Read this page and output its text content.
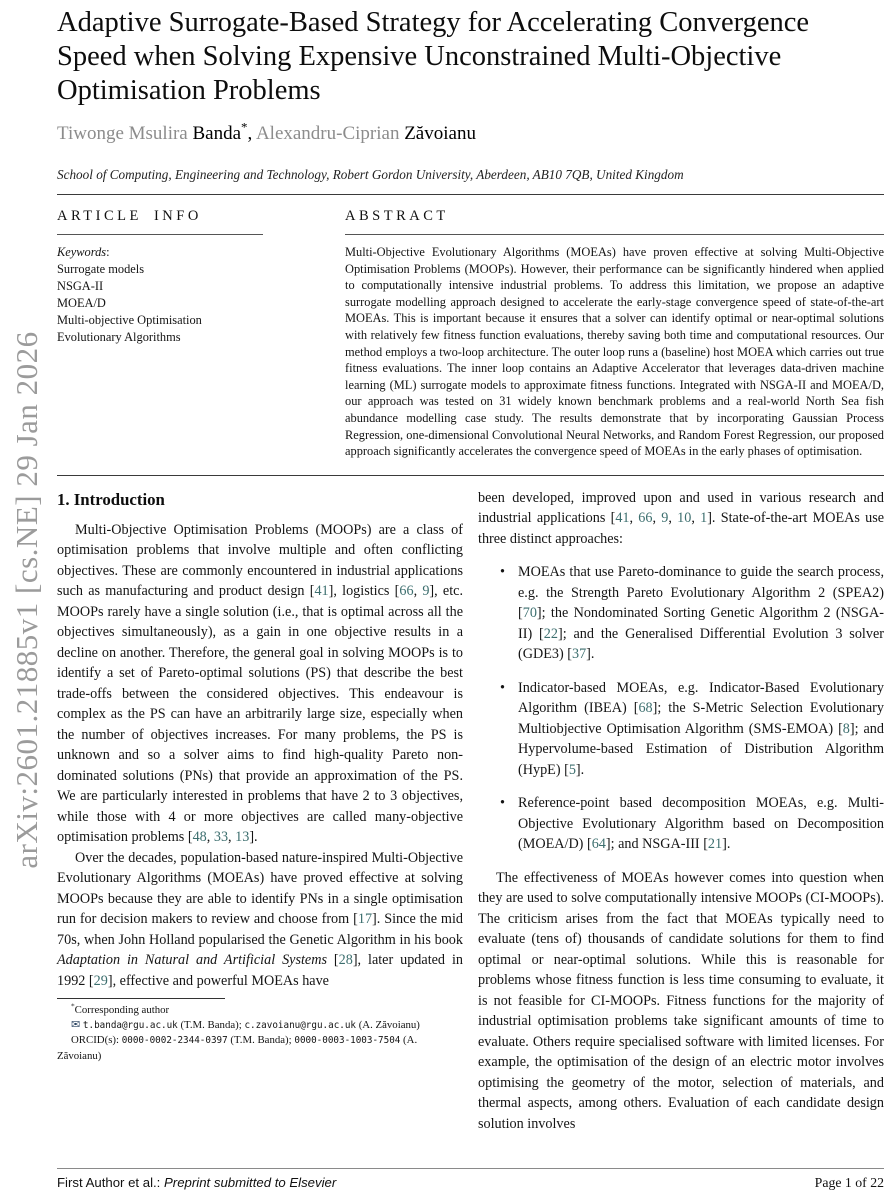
arXiv:2601.21885v1 [cs.NE] 29 Jan 2026
Adaptive Surrogate-Based Strategy for Accelerating Convergence Speed when Solving Expensive Unconstrained Multi-Objective Optimisation Problems
Tiwonge Msulira Banda*, Alexandru-Ciprian Zăvoianu
School of Computing, Engineering and Technology, Robert Gordon University, Aberdeen, AB10 7QB, United Kingdom
ARTICLE INFO
Keywords:
Surrogate models
NSGA-II
MOEA/D
Multi-objective Optimisation
Evolutionary Algorithms
ABSTRACT

Multi-Objective Evolutionary Algorithms (MOEAs) have proven effective at solving Multi-Objective Optimisation Problems (MOOPs). However, their performance can be significantly hindered when applied to computationally intensive industrial problems. To address this limitation, we propose an adaptive surrogate modelling approach designed to accelerate the early-stage convergence speed of state-of-the-art MOEAs. This is important because it ensures that a solver can identify optimal or near-optimal solutions with relatively few fitness function evaluations, thereby saving both time and computational resources. Our method employs a two-loop architecture. The outer loop runs a (baseline) host MOEA which carries out true fitness evaluations. The inner loop contains an Adaptive Accelerator that leverages data-driven machine learning (ML) surrogate models to approximate fitness functions. Integrated with NSGA-II and MOEA/D, our approach was tested on 31 widely known benchmark problems and a real-world North Sea fish abundance modelling case study. The results demonstrate that by incorporating Gaussian Process Regression, one-dimensional Convolutional Neural Networks, and Random Forest Regression, our proposed approach significantly accelerates the convergence speed of MOEAs in the early phases of optimisation.

1. Introduction

Multi-Objective Optimisation Problems (MOOPs) are a class of optimisation problems that involve multiple and often conflicting objectives. These are commonly encountered in industrial applications such as manufacturing and product design [41], logistics [66, 9], etc. MOOPs rarely have a single solution (i.e., that is optimal across all the objectives simultaneously), as a gain in one objective results in a decline on another. Therefore, the general goal in solving MOOPs is to identify a set of Pareto-optimal solutions (PS) that describe the best trade-offs between the considered objectives. This endeavour is complex as the PS can have an arbitrarily large size, especially when the number of objectives increases. For many problems, the PS is unknown and so a solver aims to find high-quality Pareto non-dominated solutions (PNs) that provide an approximation of the PS. We are particularly interested in problems that have 2 to 3 objectives, while those with 4 or more objectives are called many-objective optimisation problems [48, 33, 13].

Over the decades, population-based nature-inspired Multi-Objective Evolutionary Algorithms (MOEAs) have proved effective at solving MOOPs because they are able to identify PNs in a single optimisation run for decision makers to review and choose from [17]. Since the mid 70s, when John Holland popularised the Genetic Algorithm in his book Adaptation in Natural and Artificial Systems [28], later updated in 1992 [29], effective and powerful MOEAs have

*Corresponding author

✉ t.banda@rgu.ac.uk (T.M. Banda); c.zavoianu@rgu.ac.uk (A. Zăvoianu)

ORCID(s): 0000-0002-2344-0397 (T.M. Banda); 0000-0003-1003-7504 (A. Zăvoianu)

been developed, improved upon and used in various research and industrial applications [41, 66, 9, 10, 1]. State-of-the-art MOEAs use three distinct approaches:

• MOEAs that use Pareto-dominance to guide the search process, e.g. the Strength Pareto Evolutionary Algorithm 2 (SPEA2) [70]; the Nondominated Sorting Genetic Algorithm 2 (NSGA-II) [22]; and the Generalised Differential Evolution 3 solver (GDE3) [37].
• Indicator-based MOEAs, e.g. Indicator-Based Evolutionary Algorithm (IBEA) [68]; the S-Metric Selection Evolutionary Multiobjective Optimisation Algorithm (SMS-EMOA) [8]; and Hypervolume-based Estimation of Distribution Algorithm (HypE) [5].
• Reference-point based decomposition MOEAs, e.g. Multi-Objective Evolutionary Algorithm based on Decomposition (MOEA/D) [64]; and NSGA-III [21].

The effectiveness of MOEAs however comes into question when they are used to solve computationally intensive MOOPs (CI-MOOPs). The criticism arises from the fact that MOEAs typically need to evaluate (tens of) thousands of candidate solutions for them to find optimal or near-optimal solutions. While this is reasonable for problems whose fitness function is less time consuming to evaluate, it is not feasible for CI-MOOPs. Fitness functions for the majority of industrial optimisation problems take significant amounts of time to evaluate. Others require specialised software with limited licenses. For example, the optimisation of the design of an electric motor involves optimising the geometry of the motor, selection of materials, and thermal aspects, among others. Evaluation of each candidate design solution involves

First Author et al.: Preprint submitted to Elsevier	Page 1 of 22
